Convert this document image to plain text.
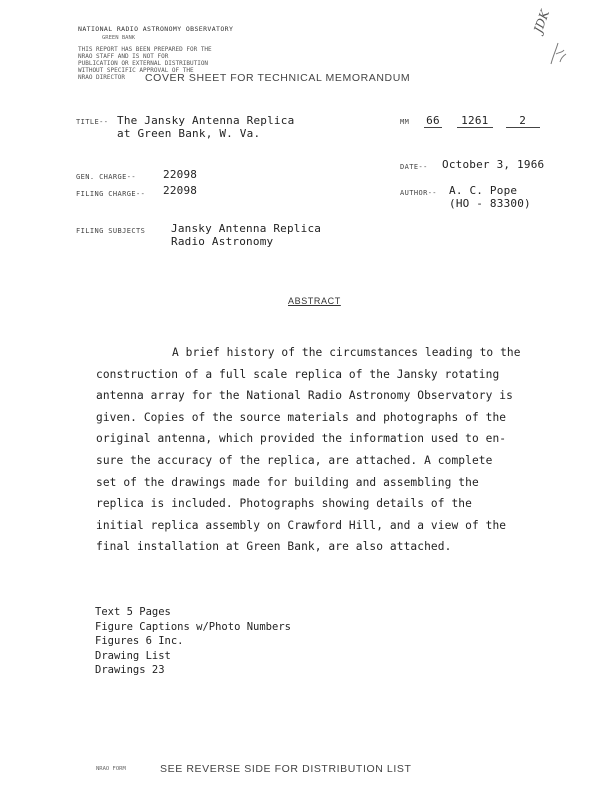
NATIONAL RADIO ASTRONOMY OBSERVATORY
GREEN BANK
THIS REPORT HAS BEEN PREPARED FOR THE
NRAO STAFF AND IS NOT FOR
PUBLICATION OR EXTERNAL DISTRIBUTION
WITHOUT SPECIFIC APPROVAL OF THE
NRAO DIRECTOR
JDK
COVER SHEET FOR TECHNICAL MEMORANDUM
TITLE-- The Jansky Antenna Replica
at Green Bank, W. Va.
MM 66 1261	2
DATE-- October 3, 1966
GEN. CHARGE-- 22098
AUTHOR-- A. C. Pope
(HO - 83300)
FILING CHARGE-- 22098
FILING SUBJECTS Jansky Antenna Replica
Radio Astronomy
ABSTRACT
A brief history of the circumstances leading to the
construction of a full scale replica of the Jansky rotating
antenna array for the National Radio Astronomy Observatory is
given. Copies of the source materials and photographs of the
original antenna, which provided the information used to en-
sure the accuracy of the replica, are attached. A complete
set of the drawings made for building and assembling the
replica is included. Photographs showing details of the
initial replica assembly on Crawford Hill, and a view of the
final installation at Green Bank, are also attached.
Text 5 Pages
Figure Captions w/Photo Numbers
Figures 6 Inc.
Drawing List
Drawings 23
NRAO FORM	SEE REVERSE SIDE FOR DISTRIBUTION LIST
